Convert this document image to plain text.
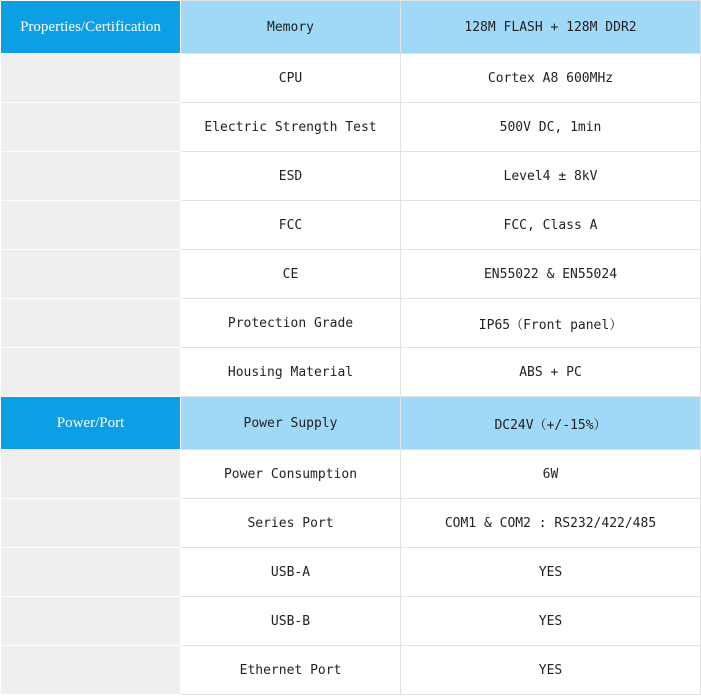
Properties/Certification	Memory	128M FLASH + 128M DDR2
	CPU	Cortex A8 600MHz
	Electric Strength Test	500V DC, 1min
	ESD	Level4 ± 8kV
	FCC	FCC, Class A
	CE	EN55022 & EN55024
	Protection Grade	IP65（Front panel）
	Housing Material	ABS + PC
Power/Port	Power Supply	DC24V（+/-15%）
	Power Consumption	6W
	Series Port	COM1 & COM2 : RS232/422/485
	USB-A	YES
	USB-B	YES
	Ethernet Port	YES
